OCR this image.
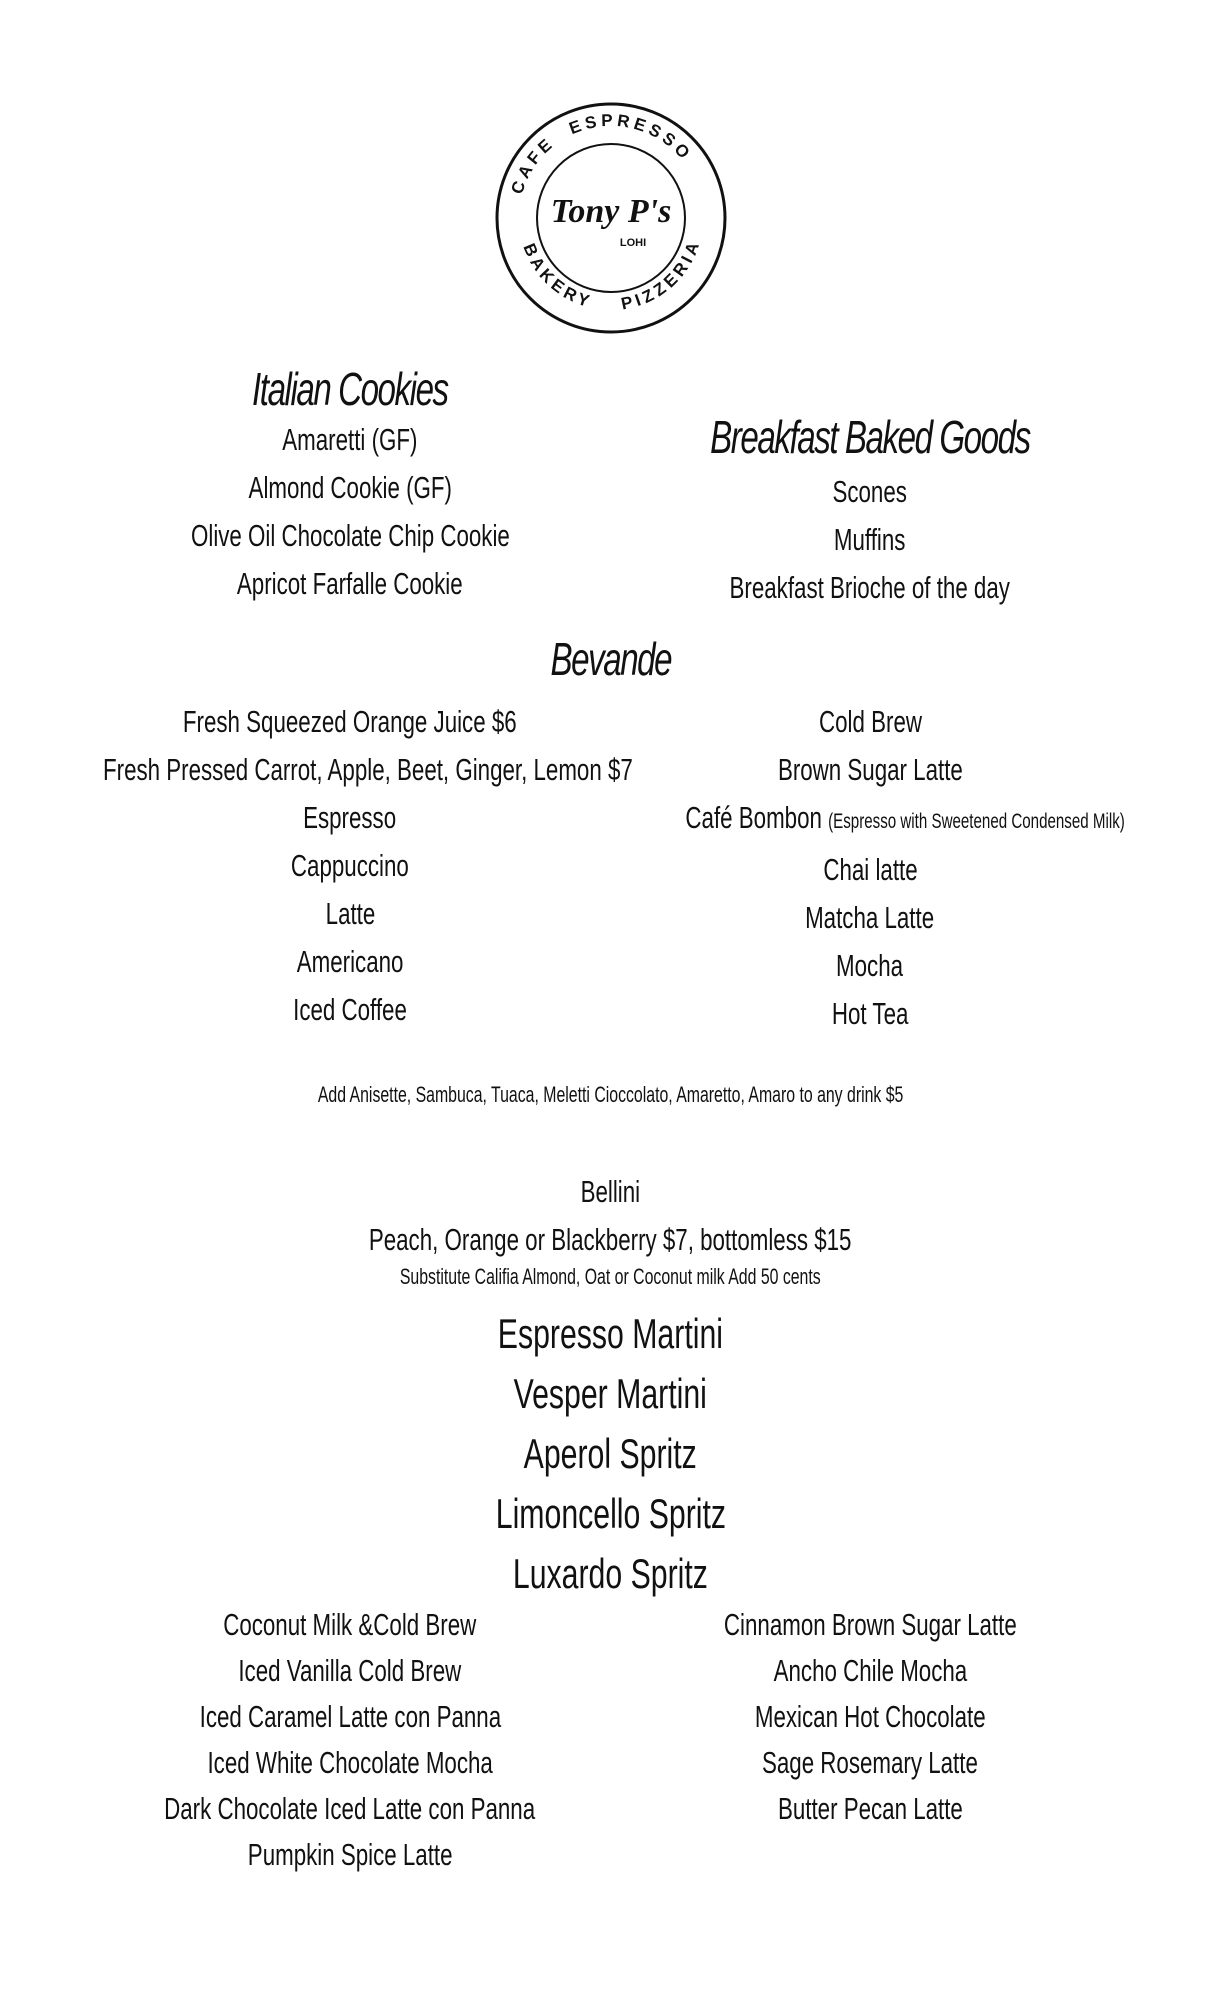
CAFE
ESPRESSO
BAKERY PIZZERIA
Tony P's
LOHI
Italian Cookies
Amaretti (GF)
Almond Cookie (GF)
Olive Oil Chocolate Chip Cookie
Apricot Farfalle Cookie
Breakfast Baked Goods
Scones
Muffins
Breakfast Brioche of the day
Bevande
Fresh Squeezed Orange Juice $6
Fresh Pressed Carrot, Apple, Beet, Ginger, Lemon $7
Espresso
Cappuccino
Latte
Americano
Iced Coffee
Cold Brew
Brown Sugar Latte
Café Bombon (Espresso with Sweetened Condensed Milk)
Chai latte
Matcha Latte
Mocha
Hot Tea
Add Anisette, Sambuca, Tuaca, Meletti Cioccolato, Amaretto, Amaro to any drink $5
Bellini
Peach, Orange or Blackberry $7, bottomless $15
Substitute Califia Almond, Oat or Coconut milk Add 50 cents
Espresso Martini
Vesper Martini
Aperol Spritz
Limoncello Spritz
Luxardo Spritz
Coconut Milk &Cold Brew
Iced Vanilla Cold Brew
Iced Caramel Latte con Panna
Iced White Chocolate Mocha
Dark Chocolate Iced Latte con Panna
Pumpkin Spice Latte
Cinnamon Brown Sugar Latte
Ancho Chile Mocha
Mexican Hot Chocolate
Sage Rosemary Latte
Butter Pecan Latte
